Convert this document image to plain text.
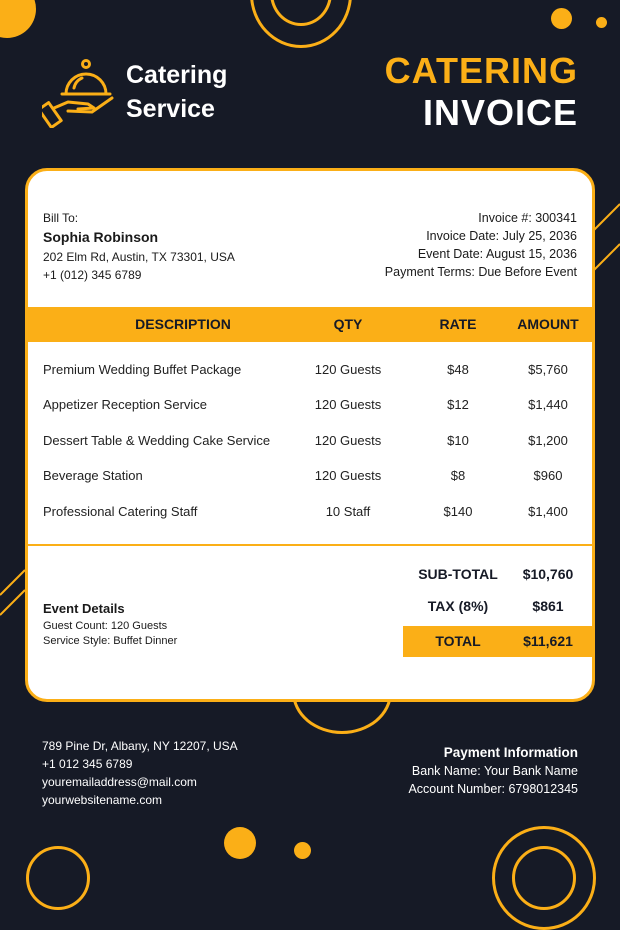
Catering
Service
CATERING
INVOICE
Bill To:
Sophia Robinson
202 Elm Rd, Austin, TX 73301, USA
+1 (012) 345 6789
Invoice #: 300341
Invoice Date: July 25, 2036
Event Date: August 15, 2036
Payment Terms: Due Before Event
DESCRIPTION	QTY	RATE	AMOUNT
Premium Wedding Buffet Package	120 Guests	$48	$5,760
Appetizer Reception Service	120 Guests	$12	$1,440
Dessert Table & Wedding Cake Service	120 Guests	$10	$1,200
Beverage Station	120 Guests	$8	$960
Professional Catering Staff	10 Staff	$140	$1,400
SUB-TOTAL	$10,760
TAX (8%)	$861
TOTAL	$11,621
Event Details
Guest Count: 120 Guests
Service Style: Buffet Dinner
789 Pine Dr, Albany, NY 12207, USA
+1 012 345 6789
youremailaddress@mail.com
yourwebsitename.com
Payment Information
Bank Name: Your Bank Name
Account Number: 6798012345
